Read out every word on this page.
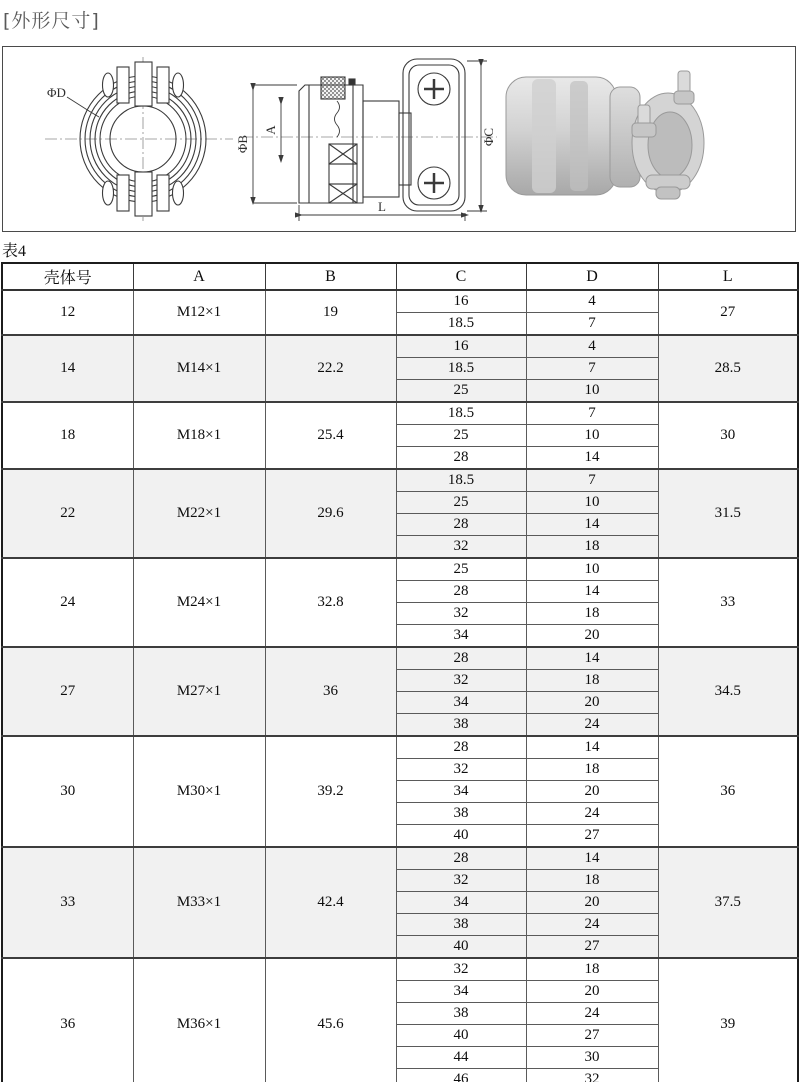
[外形尺寸]
ΦD
ΦB
A	ΦC
L
表4
壳体号	A	B	C	D	L
12	M12×1	19	16	4	27
			18.5	7	
14	M14×1	22.2	16	4	28.5
			18.5	7	
			25	10	
18	M18×1	25.4	18.5	7	30
			25	10	
			28	14	
22	M22×1	29.6	18.5	7	31.5
			25	10	
			28	14	
			32	18	
24	M24×1	32.8	25	10	33
			28	14	
			32	18	
			34	20	
27	M27×1	36	28	14	34.5
			32	18	
			34	20	
			38	24	
30	M30×1	39.2	28	14	36
			32	18	
			34	20	
			38	24	
			40	27	
33	M33×1	42.4	28	14	37.5
			32	18	
			34	20	
			38	24	
			40	27	
36	M36×1	45.6	32	18	39
			34	20	
			38	24	
			40	27	
			44	30	
			46	32	
